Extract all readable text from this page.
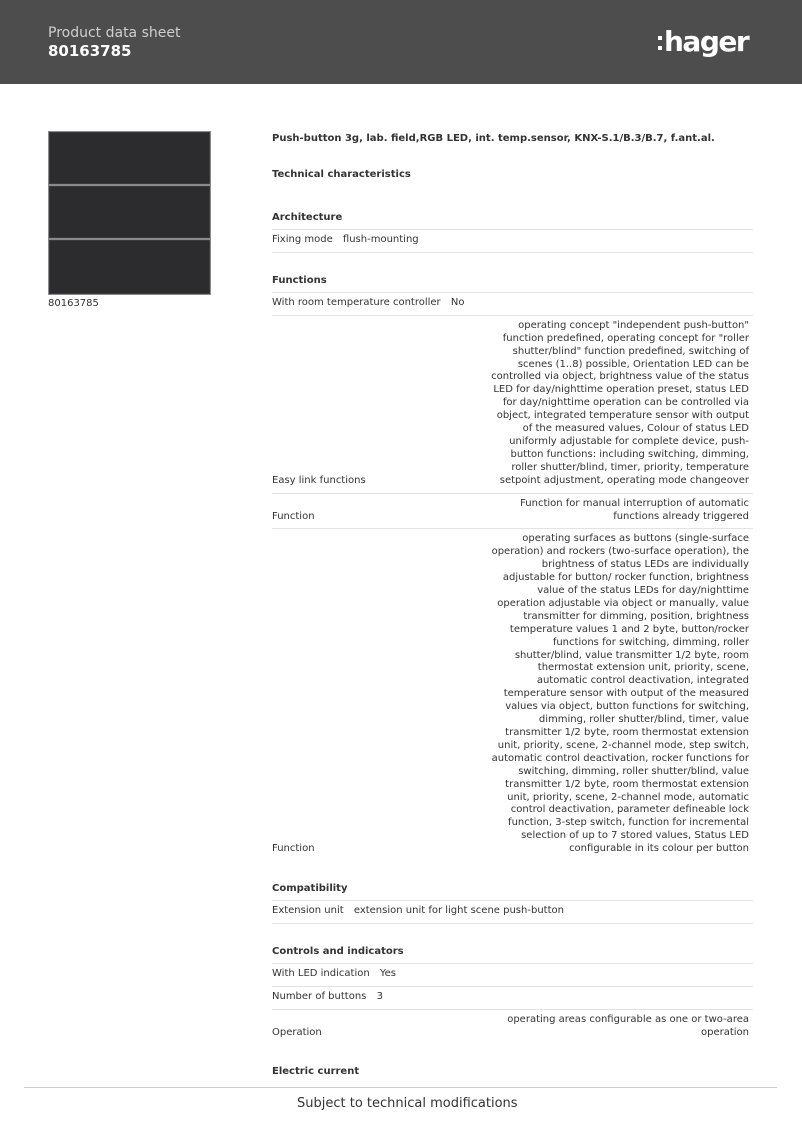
Product data sheet
80163785	hager
80163785
Push-button 3g, lab. field,RGB LED, int. temp.sensor, KNX-S.1/B.3/B.7, f.ant.al.
Technical characteristics
Architecture
Fixing mode flush-mounting
Functions
With room temperature controller No
Easy link functions
operating concept "independent push-button" function predefined, operating concept for "roller shutter/blind" function predefined, switching of scenes (1..8) possible, Orientation LED can be controlled via object, brightness value of the status LED for day/nighttime operation preset, status LED for day/nighttime operation can be controlled via object, integrated temperature sensor with output of the measured values, Colour of status LED uniformly adjustable for complete device, push-button functions: including switching, dimming, roller shutter/blind, timer, priority, temperature setpoint adjustment, operating mode changeover
Function
Function for manual interruption of automatic functions already triggered
Function
operating surfaces as buttons (single-surface operation) and rockers (two-surface operation), the brightness of status LEDs are individually adjustable for button/ rocker function, brightness value of the status LEDs for day/nighttime operation adjustable via object or manually, value transmitter for dimming, position, brightness temperature values 1 and 2 byte, button/rocker functions for switching, dimming, roller shutter/blind, value transmitter 1/2 byte, room thermostat extension unit, priority, scene, automatic control deactivation, integrated temperature sensor with output of the measured values via object, button functions for switching, dimming, roller shutter/blind, timer, value transmitter 1/2 byte, room thermostat extension unit, priority, scene, 2-channel mode, step switch, automatic control deactivation, rocker functions for switching, dimming, roller shutter/blind, value transmitter 1/2 byte, room thermostat extension unit, priority, scene, 2-channel mode, automatic control deactivation, parameter defineable lock function, 3-step switch, function for incremental selection of up to 7 stored values, Status LED configurable in its colour per button
Compatibility
Extension unit extension unit for light scene push-button
Controls and indicators
With LED indication Yes
Number of buttons 3
Operation
operating areas configurable as one or two-area operation
Electric current
Subject to technical modifications
